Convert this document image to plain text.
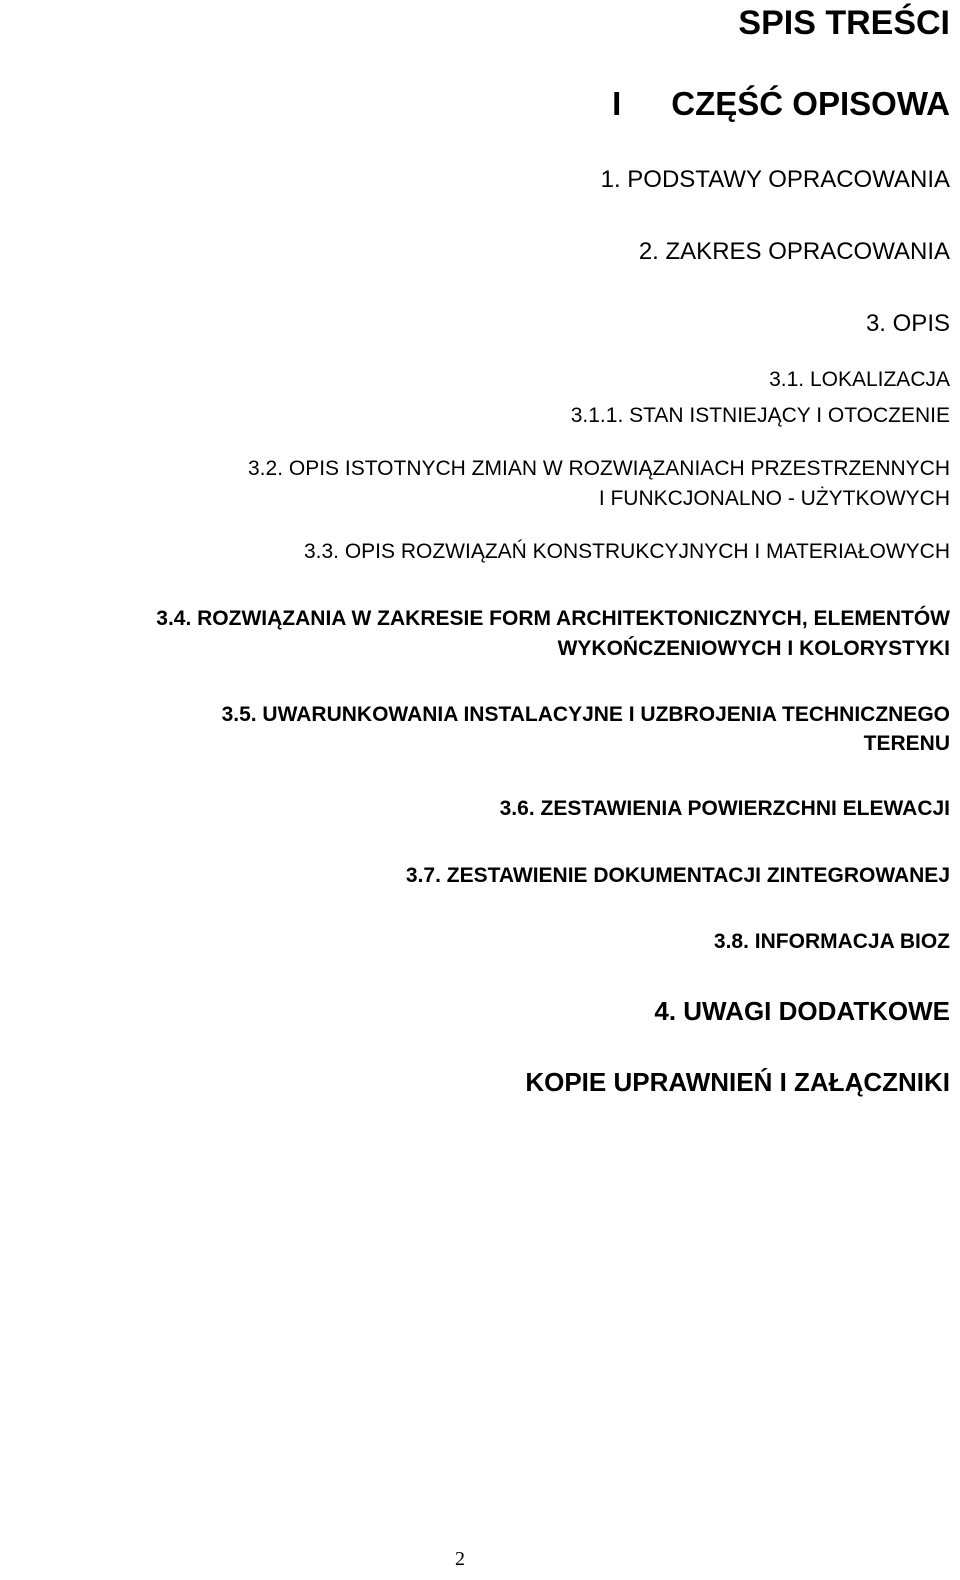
SPIS TREŚCI
I CZĘŚĆ OPISOWA

1. PODSTAWY OPRACOWANIA

2. ZAKRES OPRACOWANIA

3. OPIS

3.1. LOKALIZACJA

3.1.1. STAN ISTNIEJĄCY I OTOCZENIE

3.2. OPIS ISTOTNYCH ZMIAN W ROZWIĄZANIACH PRZESTRZENNYCH

I FUNKCJONALNO - UŻYTKOWYCH

3.3. OPIS ROZWIĄZAŃ KONSTRUKCYJNYCH I MATERIAŁOWYCH

3.4. ROZWIĄZANIA W ZAKRESIE FORM ARCHITEKTONICZNYCH, ELEMENTÓW

WYKOŃCZENIOWYCH I KOLORYSTYKI

3.5. UWARUNKOWANIA INSTALACYJNE I UZBROJENIA TECHNICZNEGO

TERENU

3.6. ZESTAWIENIA POWIERZCHNI ELEWACJI

3.7. ZESTAWIENIE DOKUMENTACJI ZINTEGROWANEJ

3.8. INFORMACJA BIOZ

4. UWAGI DODATKOWE

KOPIE UPRAWNIEŃ I ZAŁĄCZNIKI

2
